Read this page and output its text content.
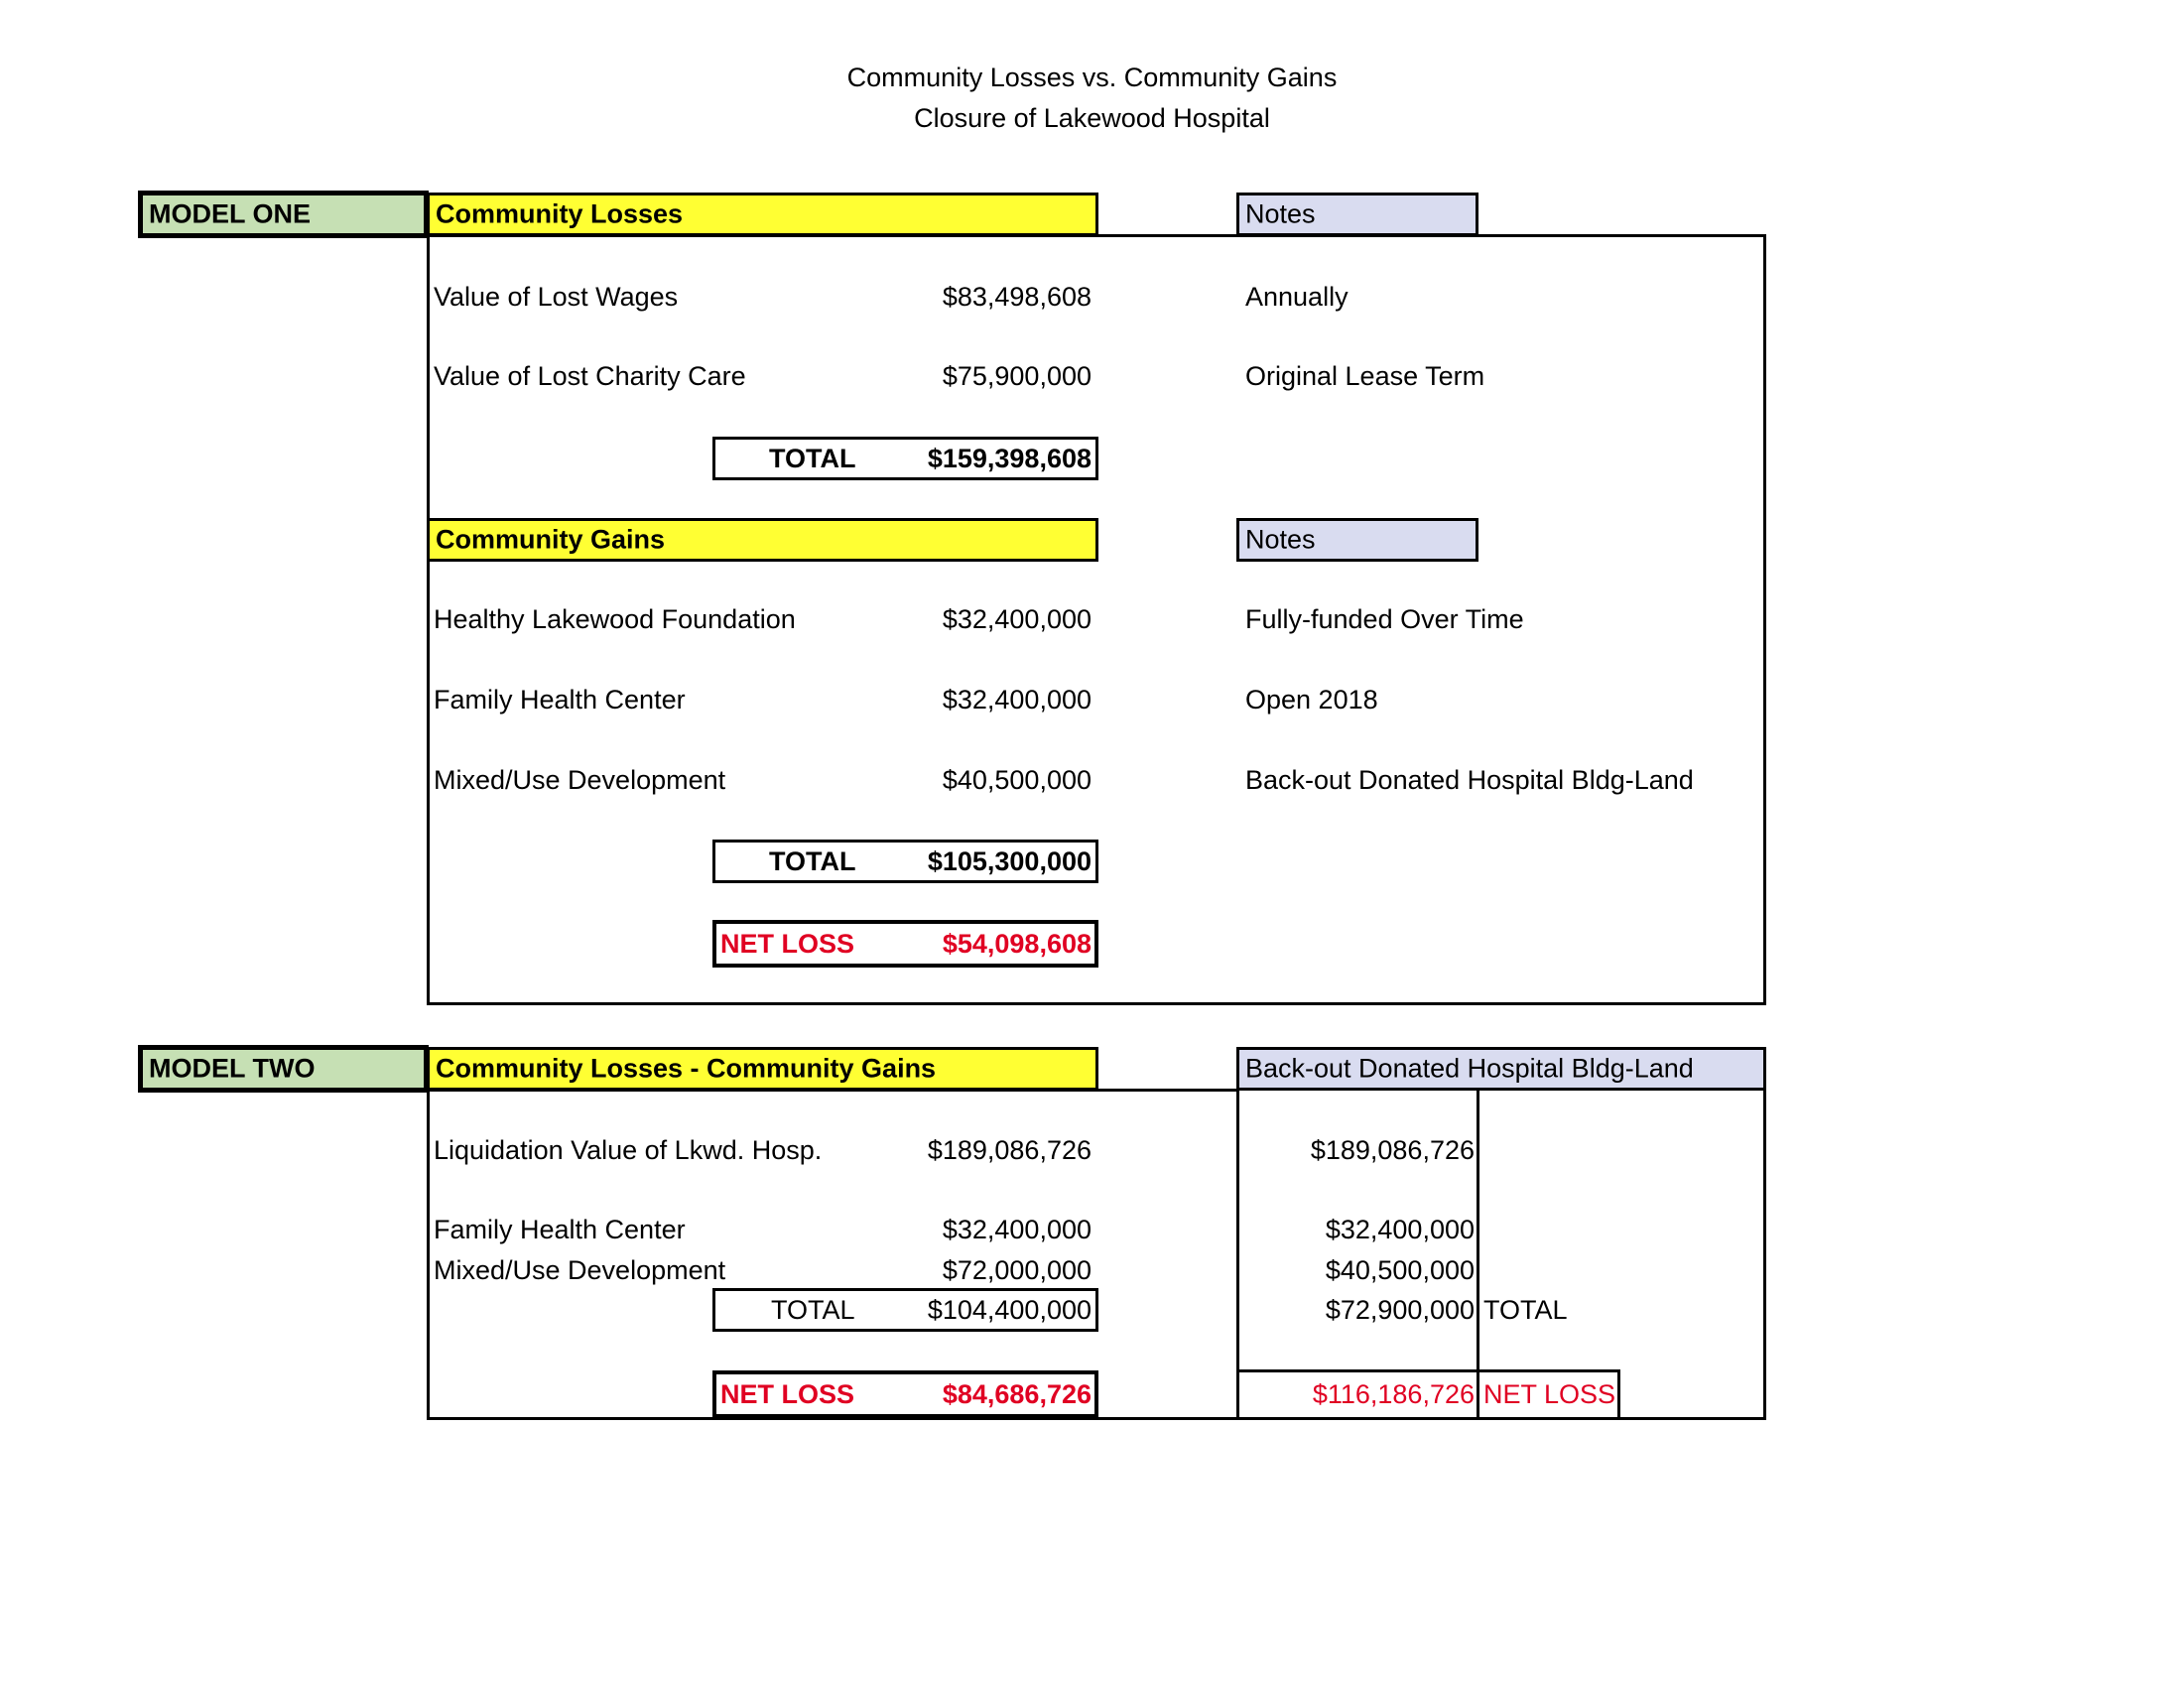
Community Losses vs. Community Gains
Closure of Lakewood Hospital
MODEL ONE	Community Losses	Notes
Value of Lost Wages	$83,498,608	Annually
Value of Lost Charity Care	$75,900,000	Original Lease Term
TOTAL	$159,398,608
Community Gains	Notes
Healthy Lakewood Foundation	$32,400,000	Fully-funded Over Time
Family Health Center	$32,400,000	Open 2018
Mixed/Use Development	$40,500,000	Back-out Donated Hospital Bldg-Land
TOTAL	$105,300,000
NET LOSS	$54,098,608
MODEL TWO	Community Losses - Community Gains	Back-out Donated Hospital Bldg-Land
Liquidation Value of Lkwd. Hosp.	$189,086,726	$189,086,726
Family Health Center	$32,400,000	$32,400,000
Mixed/Use Development	$72,000,000	$40,500,000
TOTAL	$104,400,000	$72,900,000 TOTAL
NET LOSS	$84,686,726	$116,186,726 NET LOSS
